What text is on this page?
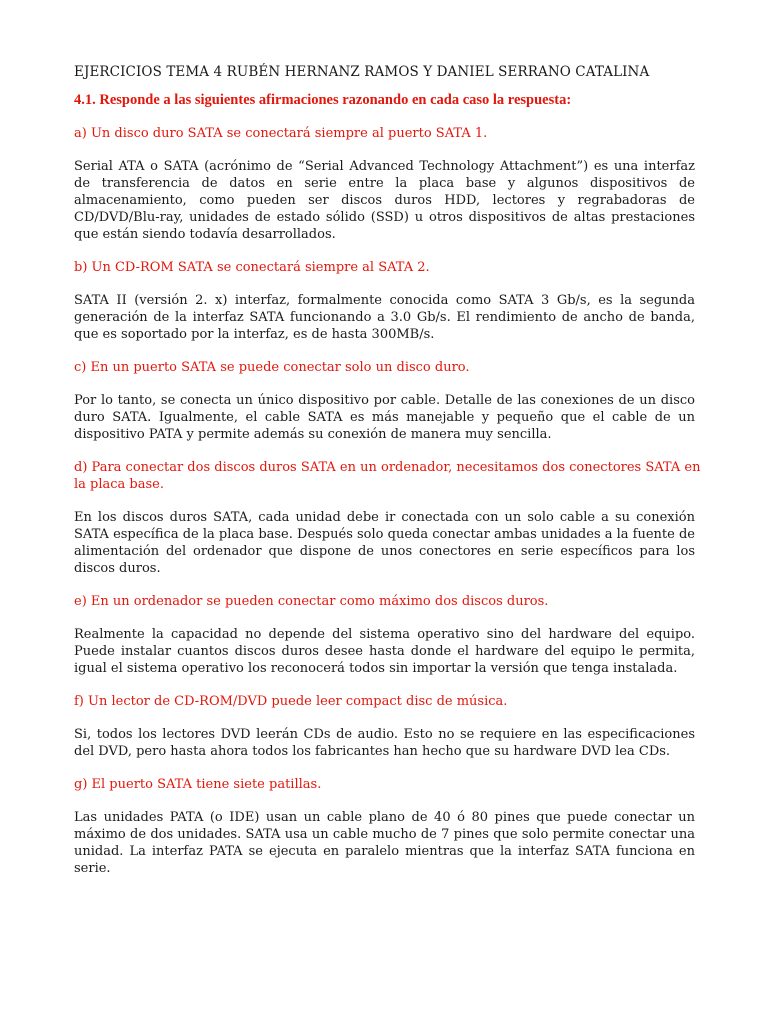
EJERCICIOS TEMA 4 RUBÉN HERNANZ RAMOS Y DANIEL SERRANO CATALINA
4.1. Responde a las siguientes afirmaciones razonando en cada caso la respuesta:
a) Un disco duro SATA se conectará siempre al puerto SATA 1.
Serial ATA o SATA (acrónimo de “Serial Advanced Technology Attachment”) es una interfaz de transferencia de datos en serie entre la placa base y algunos dispositivos de almacenamiento, como pueden ser discos duros HDD, lectores y regrabadoras de CD/DVD/Blu-ray, unidades de estado sólido (SSD) u otros dispositivos de altas prestaciones que están siendo todavía desarrollados.
b) Un CD-ROM SATA se conectará siempre al SATA 2.
SATA II (versión 2. x) interfaz, formalmente conocida como SATA 3 Gb/s, es la segunda generación de la interfaz SATA funcionando a 3.0 Gb/s. El rendimiento de ancho de banda, que es soportado por la interfaz, es de hasta 300MB/s.
c) En un puerto SATA se puede conectar solo un disco duro.
Por lo tanto, se conecta un único dispositivo por cable. Detalle de las conexiones de un disco duro SATA. Igualmente, el cable SATA es más manejable y pequeño que el cable de un dispositivo PATA y permite además su conexión de manera muy sencilla.
d) Para conectar dos discos duros SATA en un ordenador, necesitamos dos conectores SATA en
la placa base.
En los discos duros SATA, cada unidad debe ir conectada con un solo cable a su conexión SATA específica de la placa base. Después solo queda conectar ambas unidades a la fuente de alimentación del ordenador que dispone de unos conectores en serie específicos para los discos duros.
e) En un ordenador se pueden conectar como máximo dos discos duros.
Realmente la capacidad no depende del sistema operativo sino del hardware del equipo. Puede instalar cuantos discos duros desee hasta donde el hardware del equipo le permita, igual el sistema operativo los reconocerá todos sin importar la versión que tenga instalada.
f) Un lector de CD-ROM/DVD puede leer compact disc de música.
Si, todos los lectores DVD leerán CDs de audio. Esto no se requiere en las especificaciones del DVD, pero hasta ahora todos los fabricantes han hecho que su hardware DVD lea CDs.
g) El puerto SATA tiene siete patillas.
Las unidades PATA (o IDE) usan un cable plano de 40 ó 80 pines que puede conectar un máximo de dos unidades. SATA usa un cable mucho de 7 pines que solo permite conectar una unidad. La interfaz PATA se ejecuta en paralelo mientras que la interfaz SATA funciona en serie.
